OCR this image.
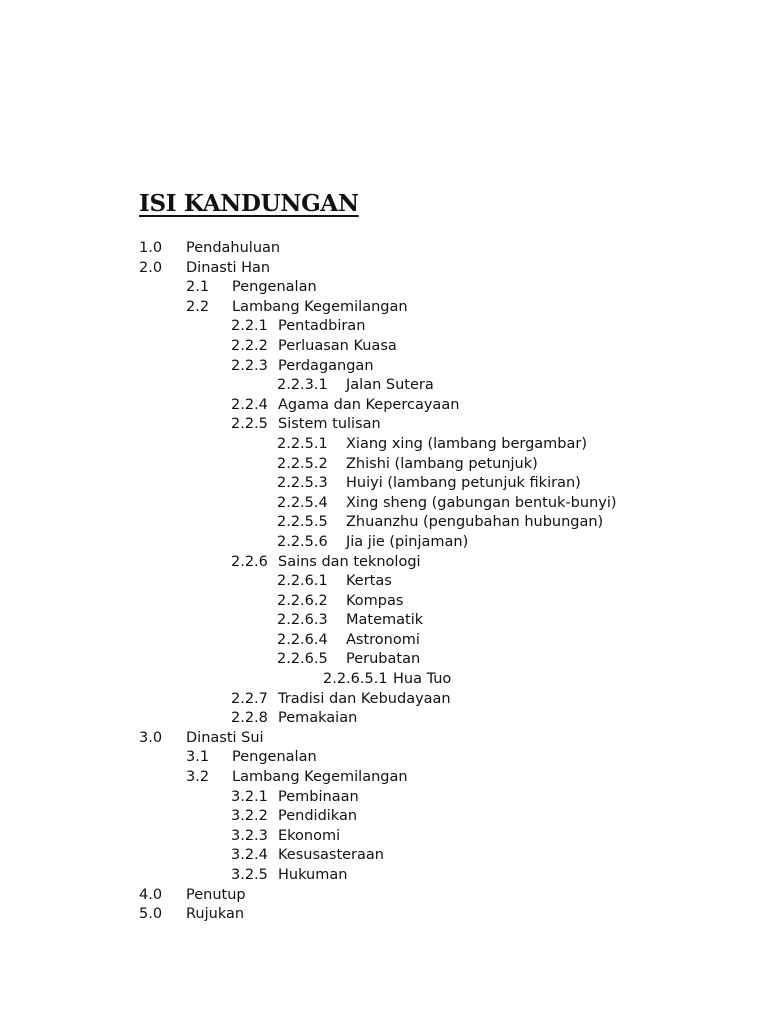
ISI KANDUNGAN
1.0 Pendahuluan
2.0 Dinasti Han
2.1 Pengenalan
2.2 Lambang Kegemilangan
2.2.1 Pentadbiran
2.2.2 Perluasan Kuasa
2.2.3 Perdagangan
2.2.3.1 Jalan Sutera
2.2.4 Agama dan Kepercayaan
2.2.5 Sistem tulisan
2.2.5.1 Xiang xing (lambang bergambar)
2.2.5.2 Zhishi (lambang petunjuk)
2.2.5.3 Huiyi (lambang petunjuk fikiran)
2.2.5.4 Xing sheng (gabungan bentuk-bunyi)
2.2.5.5 Zhuanzhu (pengubahan hubungan)
2.2.5.6 Jia jie (pinjaman)
2.2.6 Sains dan teknologi
2.2.6.1 Kertas
2.2.6.2 Kompas
2.2.6.3 Matematik
2.2.6.4 Astronomi
2.2.6.5 Perubatan
2.2.6.5.1 Hua Tuo
2.2.7 Tradisi dan Kebudayaan
2.2.8 Pemakaian
3.0 Dinasti Sui
3.1 Pengenalan
3.2 Lambang Kegemilangan
3.2.1 Pembinaan
3.2.2 Pendidikan
3.2.3 Ekonomi
3.2.4 Kesusasteraan
3.2.5 Hukuman
4.0 Penutup
5.0 Rujukan
